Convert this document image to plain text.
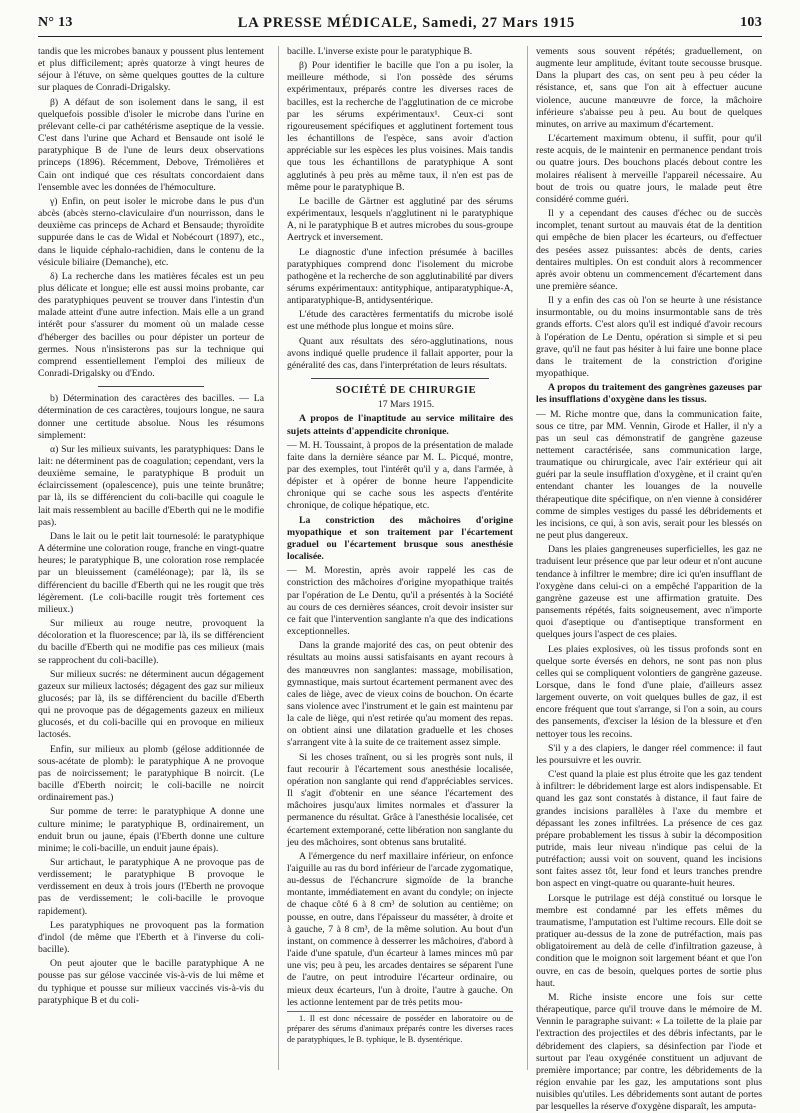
N° 13	LA PRESSE MÉDICALE, Samedi, 27 Mars 1915	103

tandis que les microbes banaux y poussent plus lentement et plus difficilement; après quatorze à vingt heures de séjour à l'étuve, on sème quelques gouttes de la culture sur plaques de Conradi-Drigalsky.

β) A défaut de son isolement dans le sang, il est quelquefois possible d'isoler le microbe dans l'urine en prélevant celle-ci par cathétérisme aseptique de la vessie. C'est dans l'urine que Achard et Bensaude ont isolé le paratyphique B de l'une de leurs deux observations princeps (1896). Récemment, Debove, Trémolières et Cain ont indiqué que ces résultats concordaient dans l'ensemble avec les données de l'hémoculture.

γ) Enfin, on peut isoler le microbe dans le pus d'un abcès (abcès sterno-claviculaire d'un nourrisson, dans le deuxième cas princeps de Achard et Bensaude; thyroïdite suppurée dans le cas de Widal et Nobécourt (1897), etc., dans le liquide céphalo-rachidien, dans le contenu de la vésicule biliaire (Demanche), etc.

δ) La recherche dans les matières fécales est un peu plus délicate et longue; elle est aussi moins probante, car des paratyphiques peuvent se trouver dans l'intestin d'un malade atteint d'une autre infection. Mais elle a un grand intérêt pour s'assurer du moment où un malade cesse d'héberger des bacilles ou pour dépister un porteur de germes. Nous n'insisterons pas sur la technique qui comprend essentiellement l'emploi des milieux de Conradi-Drigalsky ou d'Endo.

b) Détermination des caractères des bacilles. — La détermination de ces caractères, toujours longue, ne saura donner une certitude absolue. Nous les résumons simplement:

α) Sur les milieux suivants, les paratyphiques: Dans le lait: ne déterminent pas de coagulation; cependant, vers la deuxième semaine, le paratyphique B produit un éclaircissement (opalescence), puis une teinte brunâtre; par là, ils se différencient du coli-bacille qui coagule le lait mais ressemblent au bacille d'Eberth qui ne le modifie pas).

Dans le lait ou le petit lait tournesolé: le paratyphique A détermine une coloration rouge, franche en vingt-quatre heures; le paratyphique B, une coloration rose remplacée par un bleuissement (caméléonage); par là, ils se différencient du bacille d'Eberth qui ne les rougit que très légèrement. (Le coli-bacille rougit très fortement ces milieux.)

Sur milieux au rouge neutre, provoquent la décoloration et la fluorescence; par là, ils se différencient du bacille d'Eberth qui ne modifie pas ces milieux (mais se rapprochent du coli-bacille).

Sur milieux sucrés: ne déterminent aucun dégagement gazeux sur milieux lactosés; dégagent des gaz sur milieux glucosés; par là, ils se différencient du bacille d'Eberth qui ne provoque pas de dégagements gazeux en milieux glucosés, et du coli-bacille qui en provoque en milieux lactosés.

Enfin, sur milieux au plomb (gélose additionnée de sous-acétate de plomb): le paratyphique A ne provoque pas de noircissement; le paratyphique B noircit. (Le bacille d'Eberth noircit; le coli-bacille ne noircit ordinairement pas.)

Sur pomme de terre: le paratyphique A donne une culture minime; le paratyphique B, ordinairement, un enduit brun ou jaune, épais (l'Eberth donne une culture minime; le coli-bacille, un enduit jaune épais).

Sur artichaut, le paratyphique A ne provoque pas de verdissement; le paratyphique B provoque le verdissement en deux à trois jours (l'Eberth ne provoque pas de verdissement; le coli-bacille le provoque rapidement).

Les paratyphiques ne provoquent pas la formation d'indol (de même que l'Eberth et à l'inverse du coli-bacille).

On peut ajouter que le bacille paratyphique A ne pousse pas sur gélose vaccinée vis-à-vis de lui même et du typhique et pousse sur milieux vaccinés vis-à-vis du paratyphique B et du coli-

bacille. L'inverse existe pour le paratyphique B.

β) Pour identifier le bacille que l'on a pu isoler, la meilleure méthode, si l'on possède des sérums expérimentaux, préparés contre les diverses races de bacilles, est la recherche de l'agglutination de ce microbe par les sérums expérimentaux¹. Ceux-ci sont rigoureusement spécifiques et agglutinent fortement tous les échantillons de l'espèce, sans avoir d'action appréciable sur les espèces les plus voisines. Mais tandis que tous les échantillons de paratyphique A sont agglutinés à peu près au même taux, il n'en est pas de même pour le paratyphique B.

Le bacille de Gärtner est agglutiné par des sérums expérimentaux, lesquels n'agglutinent ni le paratyphique A, ni le paratyphique B et autres microbes du sous-groupe Aertryck et inversement.

Le diagnostic d'une infection présumée à bacilles paratyphiques comprend donc l'isolement du microbe pathogène et la recherche de son agglutinabilité par divers sérums expérimentaux: antityphique, antiparatyphique-A, antiparatyphique-B, antidysentérique.

L'étude des caractères fermentatifs du microbe isolé est une méthode plus longue et moins sûre.

Quant aux résultats des séro-agglutinations, nous avons indiqué quelle prudence il fallait apporter, pour la généralité des cas, dans l'interprétation de leurs résultats.

SOCIÉTÉ DE CHIRURGIE

17 Mars 1915.

A propos de l'inaptitude au service militaire des sujets atteints d'appendicite chronique.

— M. H. Toussaint, à propos de la présentation de malade faite dans la dernière séance par M. L. Picqué, montre, par des exemples, tout l'intérêt qu'il y a, dans l'armée, à dépister et à opérer de bonne heure l'appendicite chronique qui se cache sous les aspects d'entérite chronique, de colique hépatique, etc.

La constriction des mâchoires d'origine myopathique et son traitement par l'écartement graduel ou l'écartement brusque sous anesthésie localisée.

— M. Morestin, après avoir rappelé les cas de constriction des mâchoires d'origine myopathique traités par l'opération de Le Dentu, qu'il a présentés à la Société au cours de ces dernières séances, croit devoir insister sur ce fait que l'intervention sanglante n'a que des indications exceptionnelles.

Dans la grande majorité des cas, on peut obtenir des résultats au moins aussi satisfaisants en ayant recours à des manœuvres non sanglantes: massage, mobilisation, gymnastique, mais surtout écartement permanent avec des cales de liège, avec de vieux coins de bouchon. On écarte sans violence avec l'instrument et le gain est maintenu par la cale de liège, qui n'est retirée qu'au moment des repas. on obtient ainsi une dilatation graduelle et les choses s'arrangent vite à la suite de ce traitement assez simple.

Si les choses traînent, ou si les progrès sont nuls, il faut recourir à l'écartement sous anesthésie localisée, opération non sanglante qui rend d'appréciables services. Il s'agit d'obtenir en une séance l'écartement des mâchoires jusqu'aux limites normales et d'assurer la permanence du résultat. Grâce à l'anesthésie localisée, cet écartement extemporané, cette libération non sanglante du jeu des mâchoires, sont obtenus sans brutalité.

A l'émergence du nerf maxillaire inférieur, on enfonce l'aiguille au ras du bord inférieur de l'arcade zygomatique, au-dessus de l'échancrure sigmoïde de la branche montante, immédiatement en avant du condyle; on injecte de chaque côté 6 à 8 cm³ de solution au centième; on pousse, en outre, dans l'épaisseur du masséter, à droite et à gauche, 7 à 8 cm³, de la même solution. Au bout d'un instant, on commence à desserrer les mâchoires, d'abord à l'aide d'une spatule, d'un écarteur à lames minces mû par une vis; peu à peu, les arcades dentaires se séparent l'une de l'autre, on peut introduire l'écarteur ordinaire, ou mieux deux écarteurs, l'un à droite, l'autre à gauche. On les actionne lentement par de très petits mou-

1. Il est donc nécessaire de posséder en laboratoire ou de préparer des sérums d'animaux préparés contre les diverses races de paratyphiques, le B. typhique, le B. dysentérique.

vements sous souvent répétés; graduellement, on augmente leur amplitude, évitant toute secousse brusque. Dans la plupart des cas, on sent peu à peu céder la résistance, et, sans que l'on ait à effectuer aucune violence, aucune manœuvre de force, la mâchoire inférieure s'abaisse peu à peu. Au bout de quelques minutes, on arrive au maximum d'écartement.

L'écartement maximum obtenu, il suffit, pour qu'il reste acquis, de le maintenir en permanence pendant trois ou quatre jours. Des bouchons placés debout contre les molaires réalisent à merveille l'appareil nécessaire. Au bout de trois ou quatre jours, le malade peut être considéré comme guéri.

Il y a cependant des causes d'échec ou de succès incomplet, tenant surtout au mauvais état de la dentition qui empêche de bien placer les écarteurs, ou d'effectuer des pesées assez puissantes: abcès de dents, caries dentaires multiples. On est conduit alors à recommencer après avoir obtenu un commencement d'écartement dans une première séance.

Il y a enfin des cas où l'on se heurte à une résistance insurmontable, ou du moins insurmontable sans de très grands efforts. C'est alors qu'il est indiqué d'avoir recours à l'opération de Le Dentu, opération si simple et si peu grave, qu'il ne faut pas hésiter à lui faire une bonne place dans le traitement de la constriction d'origine myopathique.

A propos du traitement des gangrènes gazeuses par les insufflations d'oxygène dans les tissus.

— M. Riche montre que, dans la communication faite, sous ce titre, par MM. Vennin, Girode et Haller, il n'y a pas un seul cas démonstratif de gangrène gazeuse nettement caractérisée, sans communication large, traumatique ou chirurgicale, avec l'air extérieur qui ait guéri par la seule insufflation d'oxygène, et il craint qu'en entendant chanter les louanges de la nouvelle thérapeutique dite spécifique, on n'en vienne à considérer comme de simples vestiges du passé les débridements et les incisions, ce qui, à son avis, serait pour les blessés on ne peut plus dangereux.

Dans les plaies gangreneuses superficielles, les gaz ne traduisent leur présence que par leur odeur et n'ont aucune tendance à infiltrer le membre; dire ici qu'en insufflant de l'oxygène dans celui-ci on a empêché l'apparition de la gangrène gazeuse est une affirmation gratuite. Des pansements répétés, faits soigneusement, avec n'importe quoi d'aseptique ou d'antiseptique transforment en quelques jours l'aspect de ces plaies.

Les plaies explosives, où les tissus profonds sont en quelque sorte éversés en dehors, ne sont pas non plus celles qui se compliquent volontiers de gangrène gazeuse. Lorsque, dans le fond d'une plaie, d'ailleurs assez largement ouverte, on voit quelques bulles de gaz, il est encore fréquent que tout s'arrange, si l'on a soin, au cours des pansements, d'exciser la lésion de la blessure et d'en nettoyer tous les recoins.

S'il y a des clapiers, le danger réel commence: il faut les poursuivre et les ouvrir.

C'est quand la plaie est plus étroite que les gaz tendent à infiltrer: le débridement large est alors indispensable. Et quand les gaz sont constatés à distance, il faut faire de grandes incisions parallèles à l'axe du membre et dépassant les zones infiltrées. La présence de ces gaz prépare probablement les tissus à subir la décomposition putride, mais leur niveau n'indique pas celui de la putréfaction; aussi voit on souvent, quand les incisions sont faites assez tôt, leur fond et leurs tranches prendre bon aspect en vingt-quatre ou quarante-huit heures.

Lorsque le putrilage est déjà constitué ou lorsque le membre est condamné par les effets mêmes du traumatisme, l'amputation est l'ultime recours. Elle doit se pratiquer au-dessus de la zone de putréfaction, mais pas obligatoirement au delà de celle d'infiltration gazeuse, à condition que le moignon soit largement béant et que l'on ouvre, en cas de besoin, quelques portes de sortie plus haut.

M. Riche insiste encore une fois sur cette thérapeutique, parce qu'il trouve dans le mémoire de M. Vennin le paragraphe suivant: « La toilette de la plaie par l'extraction des projectiles et des débris infectants, par le débridement des clapiers, sa désinfection par l'iode et surtout par l'eau oxygénée constituent un adjuvant de première importance; par contre, les débridements de la région envahie par les gaz, les amputations sont plus nuisibles qu'utiles. Les débridements sont autant de portes par lesquelles la réserve d'oxygène disparaît, les amputa-
